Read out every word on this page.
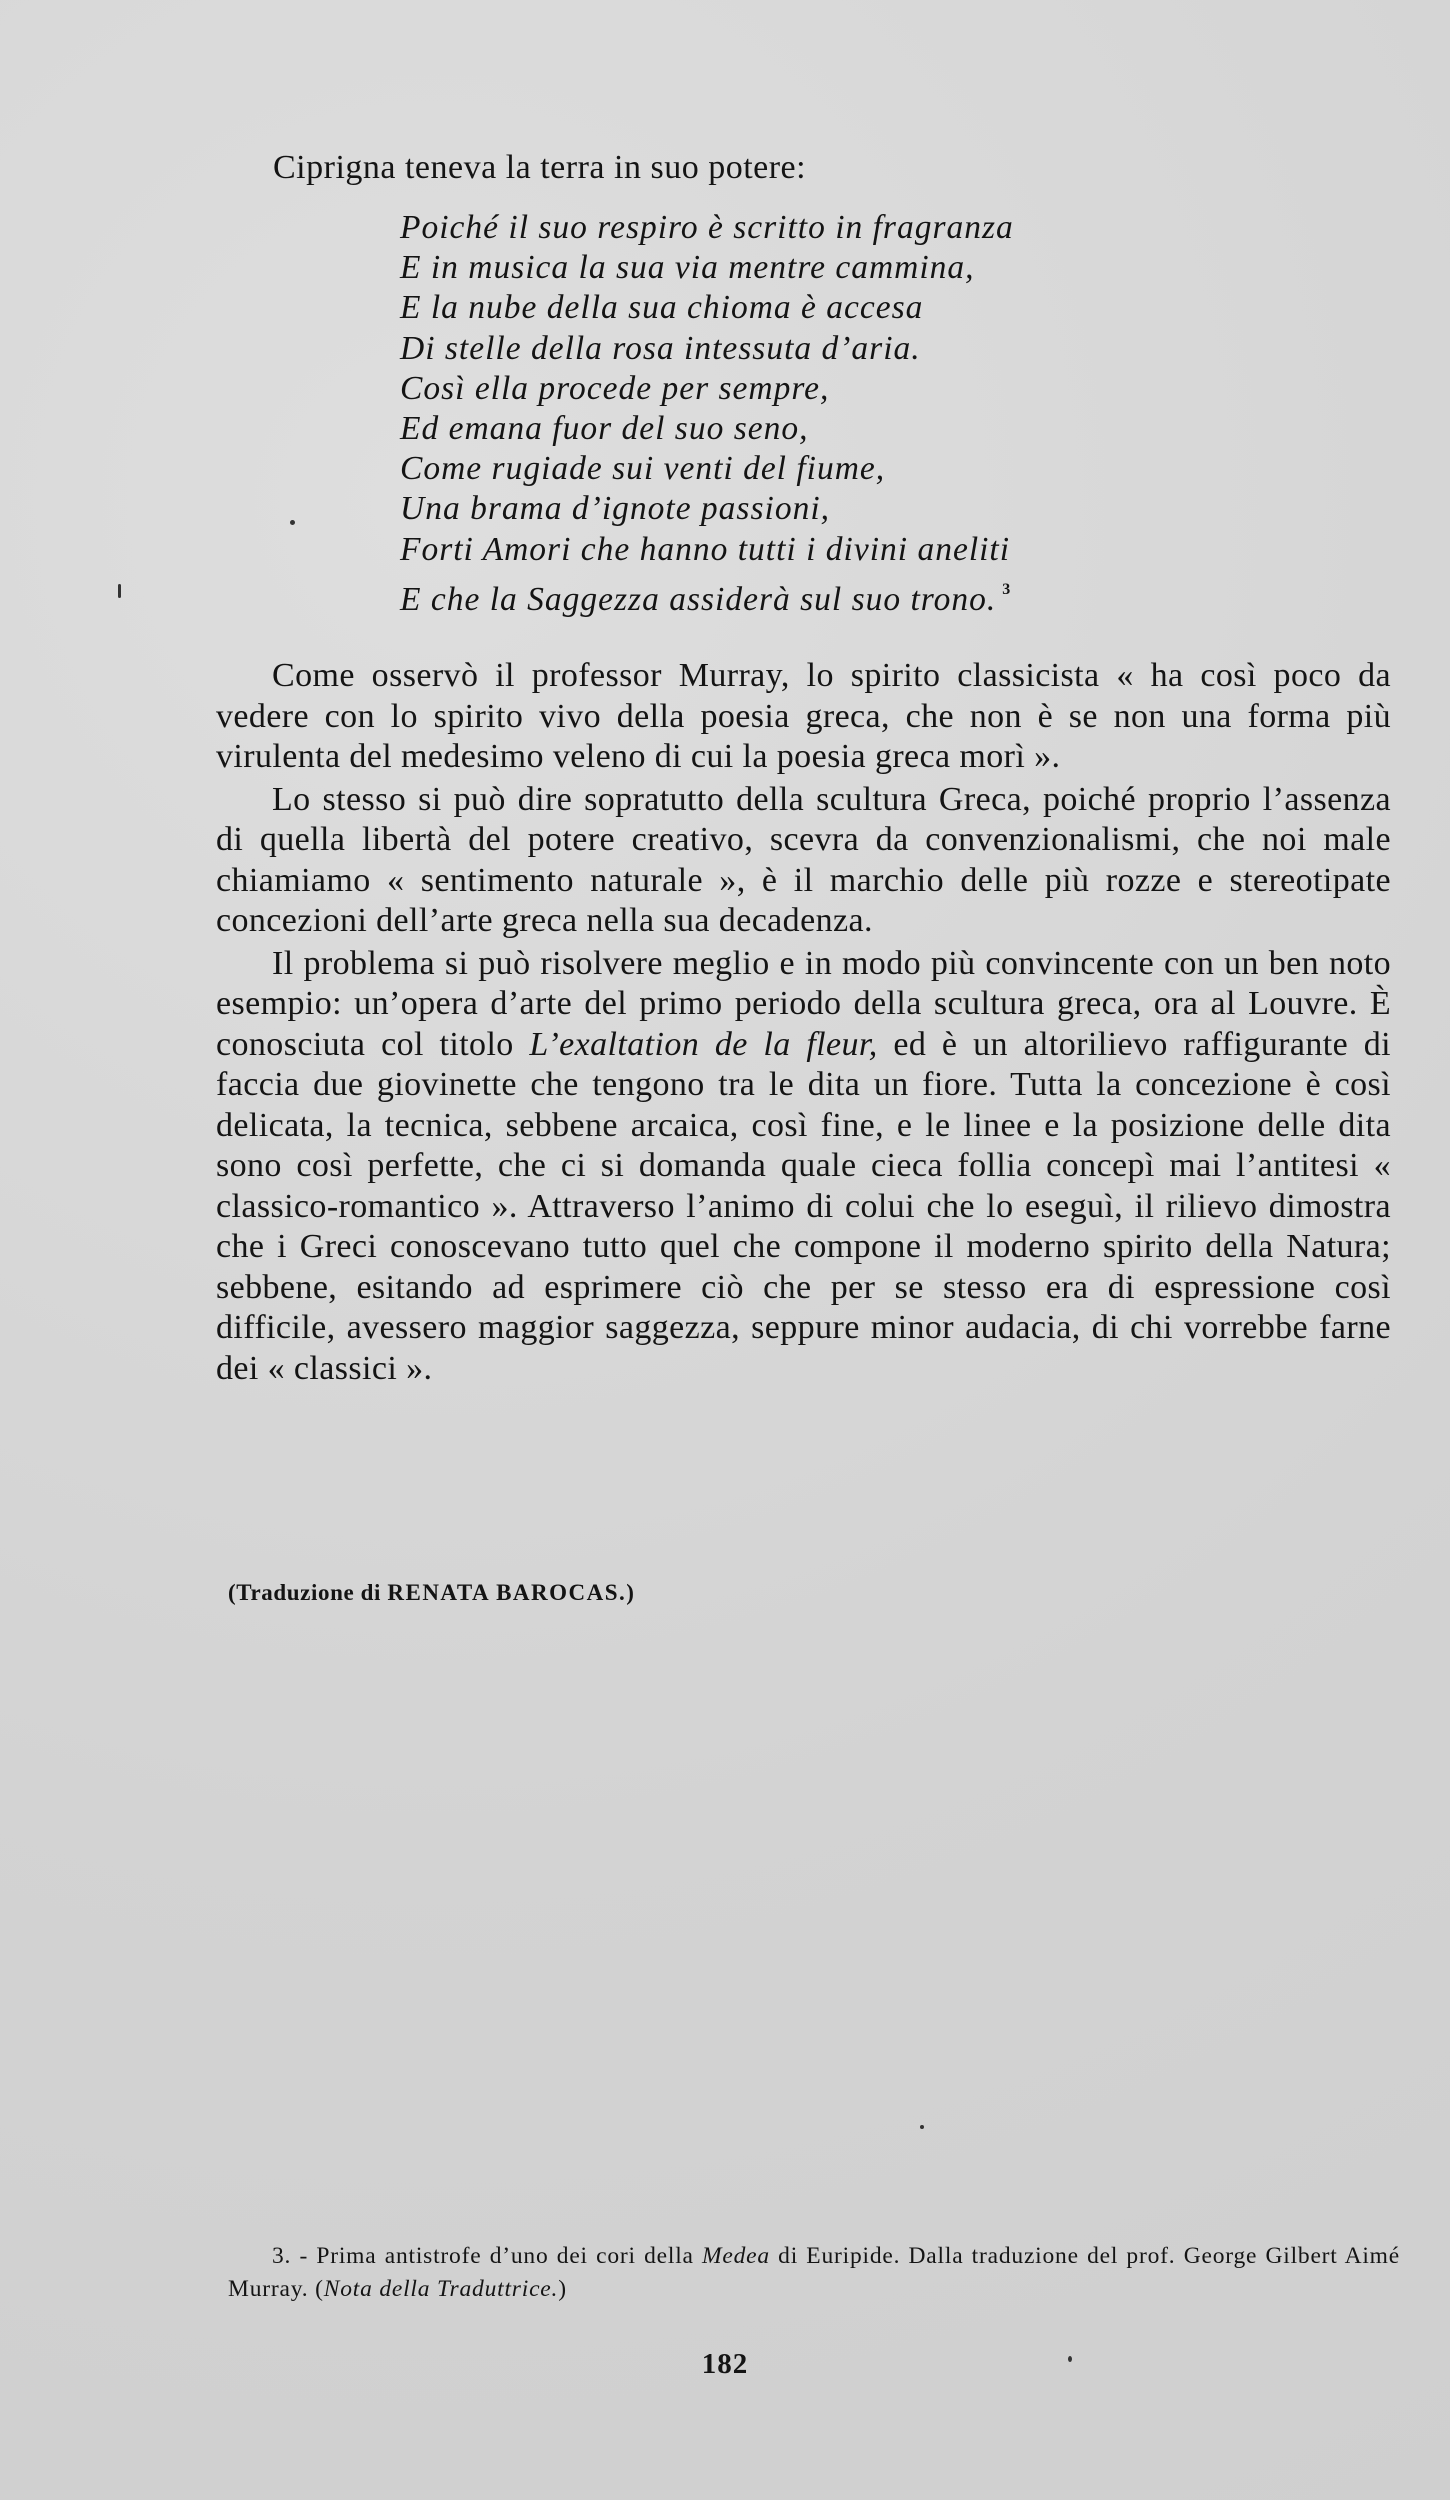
Ciprigna teneva la terra in suo potere:

Poiché il suo respiro è scritto in fragranza
E in musica la sua via mentre cammina,
E la nube della sua chioma è accesa
Di stelle della rosa intessuta d’aria.
Così ella procede per sempre,
Ed emana fuor del suo seno,
Come rugiade sui venti del fiume,
Una brama d’ignote passioni,
Forti Amori che hanno tutti i divini aneliti
E che la Saggezza assiderà sul suo trono. $^3$

Come osservò il professor Murray, lo spirito classicista « ha così poco da vedere con lo spirito vivo della poesia greca, che non è se non una forma più virulenta del medesimo veleno di cui la poesia greca morì ».

Lo stesso si può dire sopratutto della scultura Greca, poiché proprio l’assenza di quella libertà del potere creativo, scevra da convenzionalismi, che noi male chiamiamo « sentimento naturale », è il marchio delle più rozze e stereotipate concezioni dell’arte greca nella sua decadenza.

Il problema si può risolvere meglio e in modo più convincente con un ben noto esempio: un’opera d’arte del primo periodo della scultura greca, ora al Louvre. È conosciuta col titolo L’exaltation de la fleur, ed è un altorilievo raffigurante di faccia due giovinette che tengono tra le dita un fiore. Tutta la concezione è così delicata, la tecnica, sebbene arcaica, così fine, e le linee e la posizione delle dita sono così perfette, che ci si domanda quale cieca follia concepì mai l’antitesi « classico-romantico ». Attraverso l’animo di colui che lo eseguì, il rilievo dimostra che i Greci conoscevano tutto quel che compone il moderno spirito della Natura; sebbene, esitando ad esprimere ciò che per se stesso era di espressione così difficile, avessero maggior saggezza, seppure minor audacia, di chi vorrebbe farne dei « classici ».

(Traduzione di RENATA BAROCAS.)

3. - Prima antistrofe d’uno dei cori della Medea di Euripide. Dalla traduzione del prof. George Gilbert Aimé Murray. (Nota della Traduttrice.)

182
